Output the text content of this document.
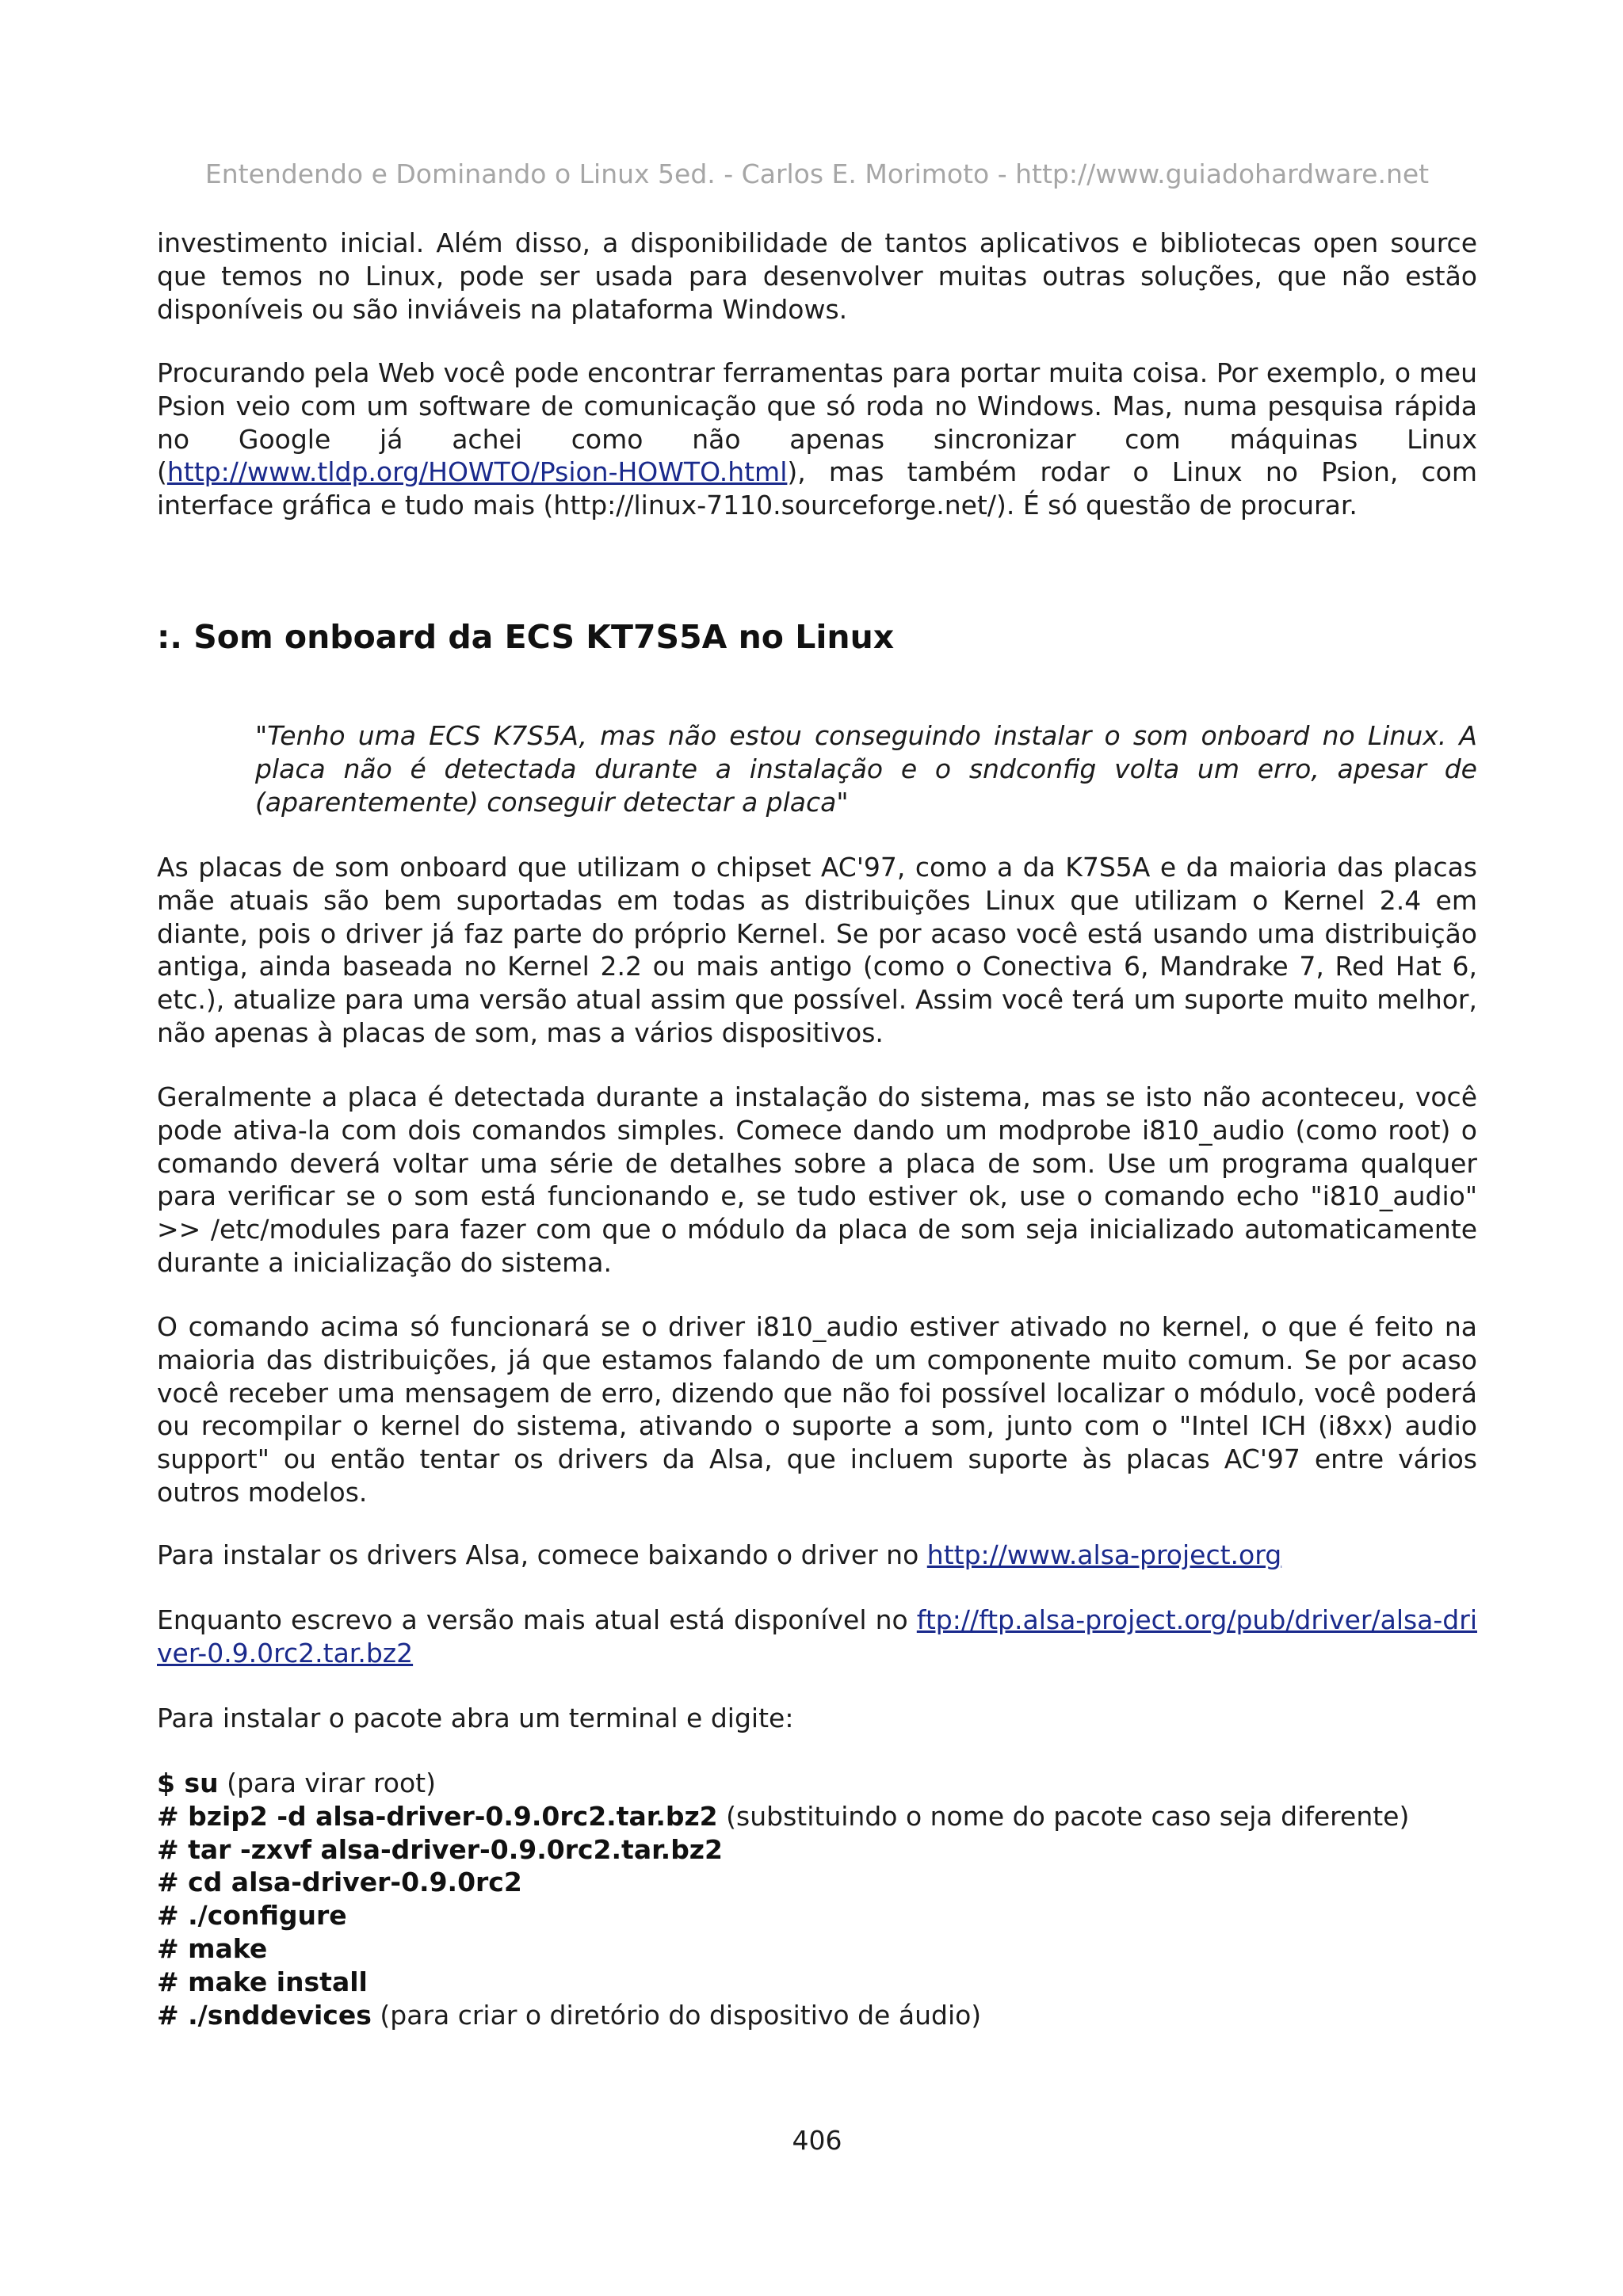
Entendendo e Dominando o Linux 5ed. - Carlos E. Morimoto - http://www.guiadohardware.net

investimento inicial. Além disso, a disponibilidade de tantos aplicativos e bibliotecas open source que temos no Linux, pode ser usada para desenvolver muitas outras soluções, que não estão disponíveis ou são inviáveis na plataforma Windows.

Procurando pela Web você pode encontrar ferramentas para portar muita coisa. Por exemplo, o meu Psion veio com um software de comunicação que só roda no Windows. Mas, numa pesquisa rápida no Google já achei como não apenas sincronizar com máquinas Linux (http://www.tldp.org/HOWTO/Psion-HOWTO.html), mas também rodar o Linux no Psion, com interface gráfica e tudo mais (http://linux-7110.sourceforge.net/). É só questão de procurar.

:. Som onboard da ECS KT7S5A no Linux
"Tenho uma ECS K7S5A, mas não estou conseguindo instalar o som onboard no Linux. A placa não é detectada durante a instalação e o sndconfig volta um erro, apesar de (aparentemente) conseguir detectar a placa"

As placas de som onboard que utilizam o chipset AC'97, como a da K7S5A e da maioria das placas mãe atuais são bem suportadas em todas as distribuições Linux que utilizam o Kernel 2.4 em diante, pois o driver já faz parte do próprio Kernel. Se por acaso você está usando uma distribuição antiga, ainda baseada no Kernel 2.2 ou mais antigo (como o Conectiva 6, Mandrake 7, Red Hat 6, etc.), atualize para uma versão atual assim que possível. Assim você terá um suporte muito melhor, não apenas à placas de som, mas a vários dispositivos.

Geralmente a placa é detectada durante a instalação do sistema, mas se isto não aconteceu, você pode ativa-la com dois comandos simples. Comece dando um modprobe i810_audio (como root) o comando deverá voltar uma série de detalhes sobre a placa de som. Use um programa qualquer para verificar se o som está funcionando e, se tudo estiver ok, use o comando echo "i810_audio" >> /etc/modules para fazer com que o módulo da placa de som seja inicializado automaticamente durante a inicialização do sistema.

O comando acima só funcionará se o driver i810_audio estiver ativado no kernel, o que é feito na maioria das distribuições, já que estamos falando de um componente muito comum. Se por acaso você receber uma mensagem de erro, dizendo que não foi possível localizar o módulo, você poderá ou recompilar o kernel do sistema, ativando o suporte a som, junto com o "Intel ICH (i8xx) audio support" ou então tentar os drivers da Alsa, que incluem suporte às placas AC'97 entre vários outros modelos.

Para instalar os drivers Alsa, comece baixando o driver no http://www.alsa-project.org

Enquanto escrevo a versão mais atual está disponível no ftp://ftp.alsa-project.org/pub/driver/alsa-driver-0.9.0rc2.tar.bz2

Para instalar o pacote abra um terminal e digite:

$ su (para virar root)
# bzip2 -d alsa-driver-0.9.0rc2.tar.bz2 (substituindo o nome do pacote caso seja diferente)
# tar -zxvf alsa-driver-0.9.0rc2.tar.bz2
# cd alsa-driver-0.9.0rc2
# ./configure
# make
# make install
# ./snddevices (para criar o diretório do dispositivo de áudio)
406
